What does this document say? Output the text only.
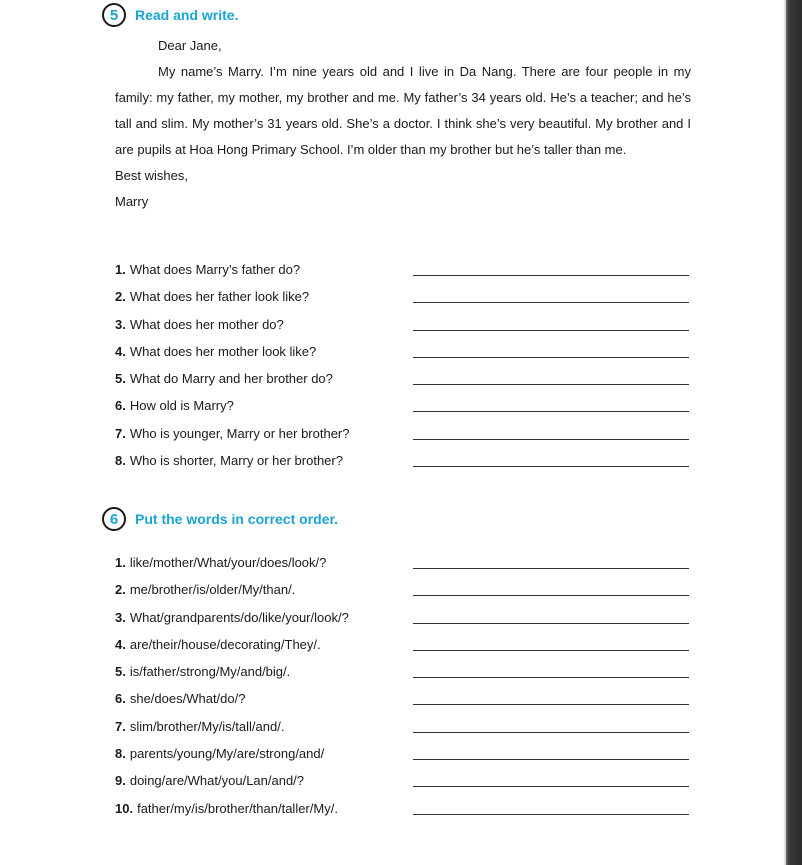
5	Read and write.

Dear Jane,

My name’s Marry. I’m nine years old and I live in Da Nang. There are four people in my family: my father, my mother, my brother and me. My father’s 34 years old. He’s a teacher; and he’s tall and slim. My mother’s 31 years old. She’s a doctor. I think she’s very beautiful. My brother and I are pupils at Hoa Hong Primary School. I’m older than my brother but he’s taller than me.

Best wishes,

Marry

1. What does Marry’s father do?
2. What does her father look like?
3. What does her mother do?
4. What does her mother look like?
5. What do Marry and her brother do?
6. How old is Marry?
7. Who is younger, Marry or her brother?
8. Who is shorter, Marry or her brother?
6	Put the words in correct order.
1. like/mother/What/your/does/look/?
2. me/brother/is/older/My/than/.
3. What/grandparents/do/like/your/look/?
4. are/their/house/decorating/They/.
5. is/father/strong/My/and/big/.
6. she/does/What/do/?
7. slim/brother/My/is/tall/and/.
8. parents/young/My/are/strong/and/
9. doing/are/What/you/Lan/and/?
10. father/my/is/brother/than/taller/My/.
